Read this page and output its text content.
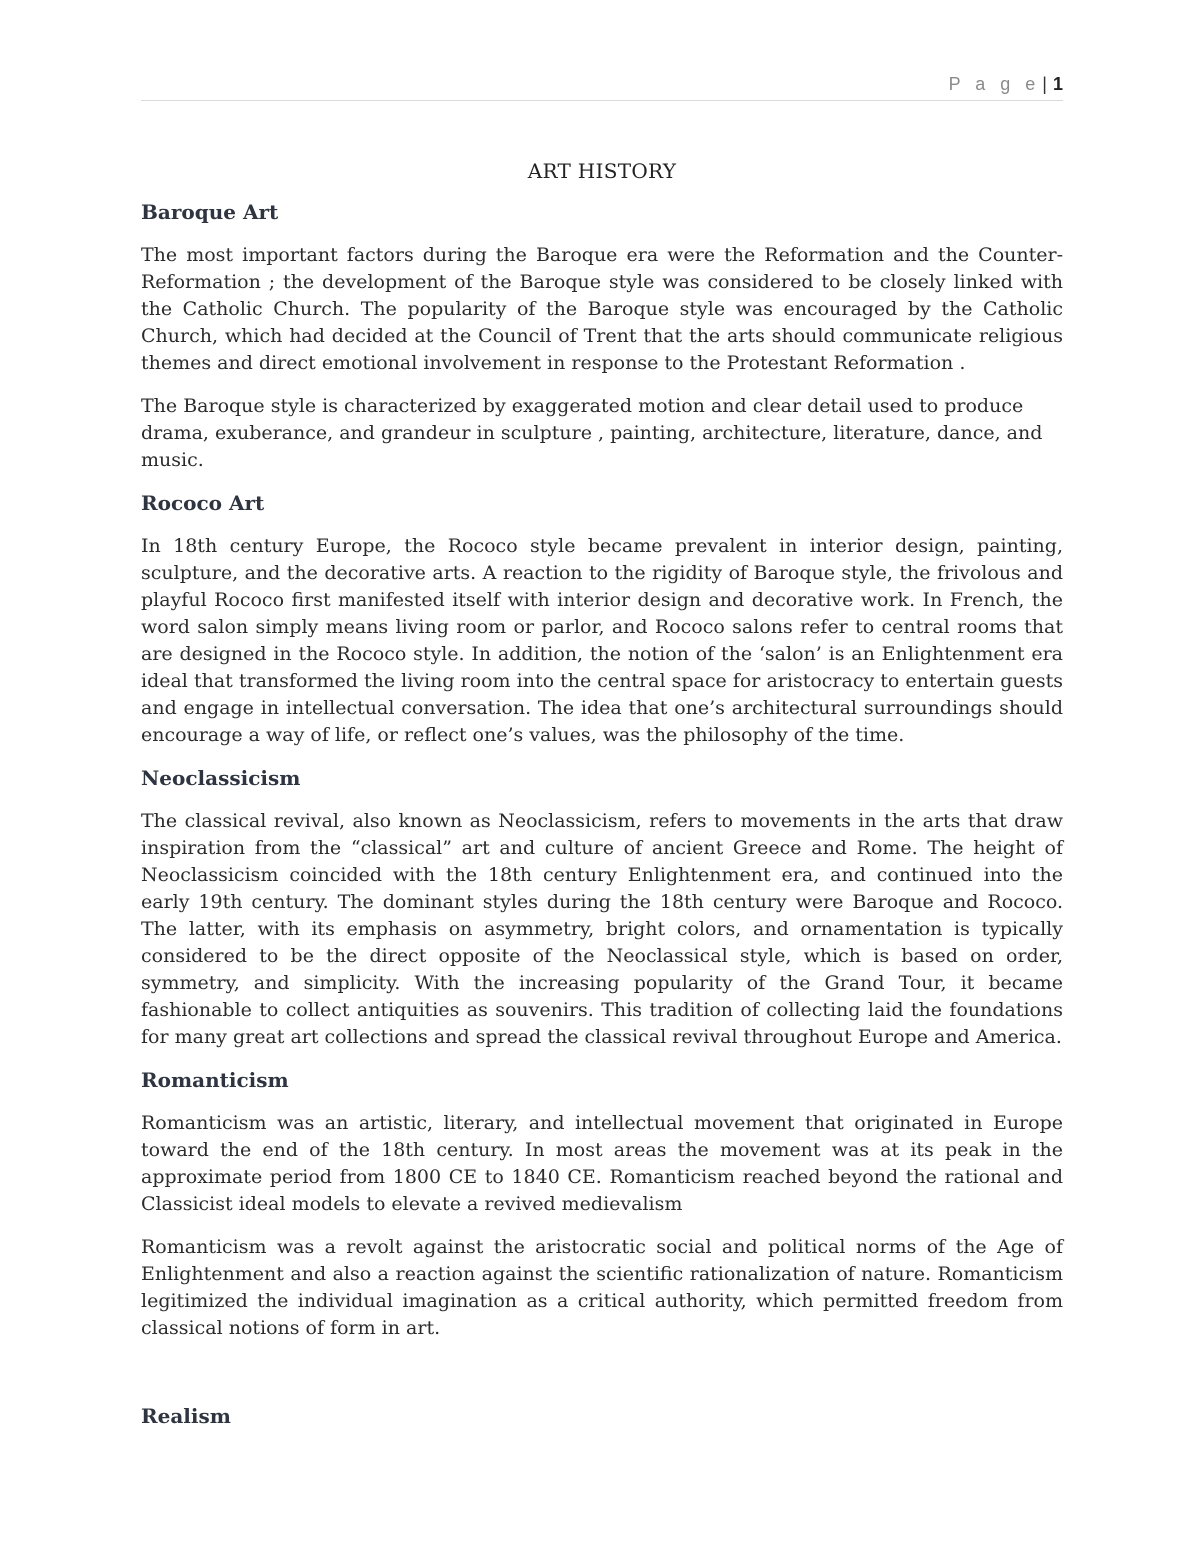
P a g e | 1
ART HISTORY
Baroque Art

The most important factors during the Baroque era were the Reformation and the Counter-Reformation ; the development of the Baroque style was considered to be closely linked with the Catholic Church. The popularity of the Baroque style was encouraged by the Catholic Church, which had decided at the Council of Trent that the arts should communicate religious themes and direct emotional involvement in response to the Protestant Reformation .

The Baroque style is characterized by exaggerated motion and clear detail used to produce drama, exuberance, and grandeur in sculpture , painting, architecture, literature, dance, and music.

Rococo Art

In 18th century Europe, the Rococo style became prevalent in interior design, painting, sculpture, and the decorative arts. A reaction to the rigidity of Baroque style, the frivolous and playful Rococo first manifested itself with interior design and decorative work. In French, the word salon simply means living room or parlor, and Rococo salons refer to central rooms that are designed in the Rococo style. In addition, the notion of the ‘salon’ is an Enlightenment era ideal that transformed the living room into the central space for aristocracy to entertain guests and engage in intellectual conversation. The idea that one’s architectural surroundings should encourage a way of life, or reflect one’s values, was the philosophy of the time.

Neoclassicism

The classical revival, also known as Neoclassicism, refers to movements in the arts that draw inspiration from the “classical” art and culture of ancient Greece and Rome. The height of Neoclassicism coincided with the 18th century Enlightenment era, and continued into the early 19th century. The dominant styles during the 18th century were Baroque and Rococo. The latter, with its emphasis on asymmetry, bright colors, and ornamentation is typically considered to be the direct opposite of the Neoclassical style, which is based on order, symmetry, and simplicity. With the increasing popularity of the Grand Tour, it became fashionable to collect antiquities as souvenirs. This tradition of collecting laid the foundations for many great art collections and spread the classical revival throughout Europe and America.

Romanticism

Romanticism was an artistic, literary, and intellectual movement that originated in Europe toward the end of the 18th century. In most areas the movement was at its peak in the approximate period from 1800 CE to 1840 CE. Romanticism reached beyond the rational and Classicist ideal models to elevate a revived medievalism

Romanticism was a revolt against the aristocratic social and political norms of the Age of Enlightenment and also a reaction against the scientific rationalization of nature. Romanticism legitimized the individual imagination as a critical authority, which permitted freedom from classical notions of form in art.

Realism
